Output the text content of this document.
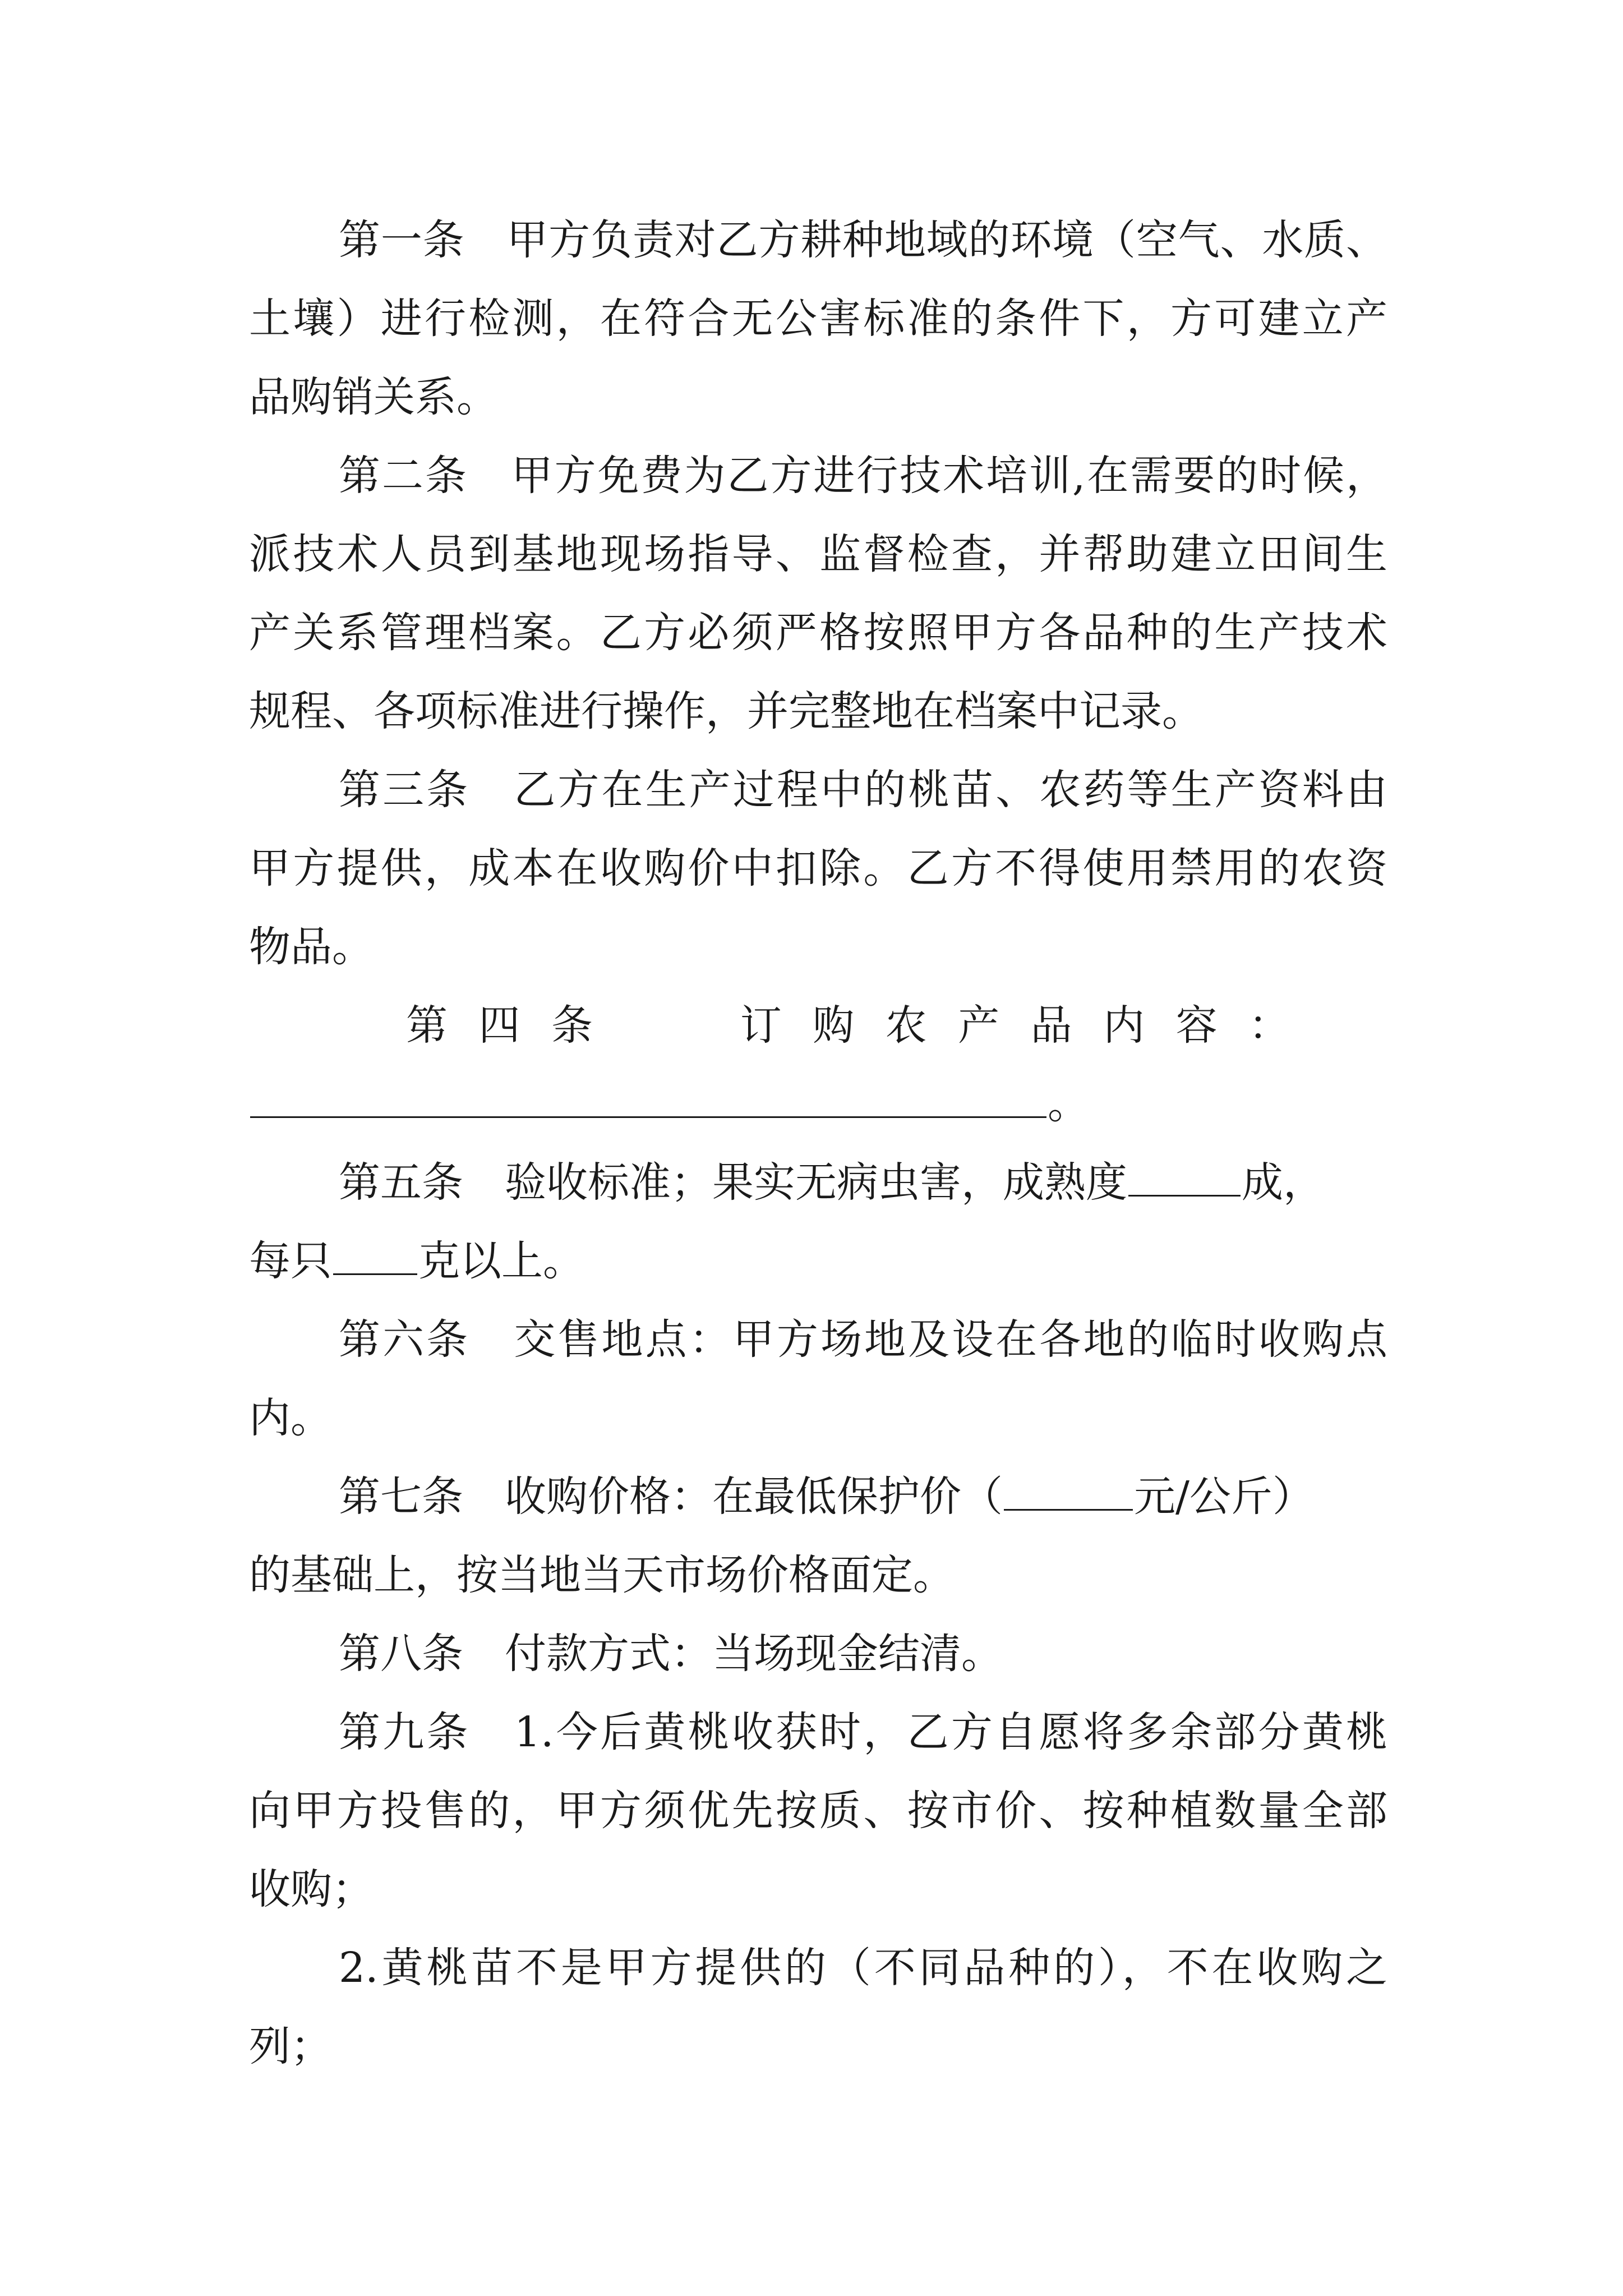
第一条　甲方负责对乙方耕种地域的环境（空气、水质、
土壤）进行检测，在符合无公害标准的条件下，方可建立产
品购销关系。
第二条　甲方免费为乙方进行技术培训,在需要的时候，
派技术人员到基地现场指导、监督检查，并帮助建立田间生
产关系管理档案。乙方必须严格按照甲方各品种的生产技术
规程、各项标准进行操作，并完整地在档案中记录。
第三条　乙方在生产过程中的桃苗、农药等生产资料由
甲方提供，成本在收购价中扣除。乙方不得使用禁用的农资
物品。
第四条	订购农产品内容：
。
第五条　验收标准；果实无病虫害，成熟度	成，
每只 克以上。
第六条　交售地点：甲方场地及设在各地的临时收购点
内。
第七条　收购价格：在最低保护价（	元/公斤）
的基础上，按当地当天市场价格面定。
第八条　付款方式：当场现金结清。
第九条　1.今后黄桃收获时，乙方自愿将多余部分黄桃
向甲方投售的，甲方须优先按质、按市价、按种植数量全部
收购；
2.黄桃苗不是甲方提供的（不同品种的），不在收购之
列；
